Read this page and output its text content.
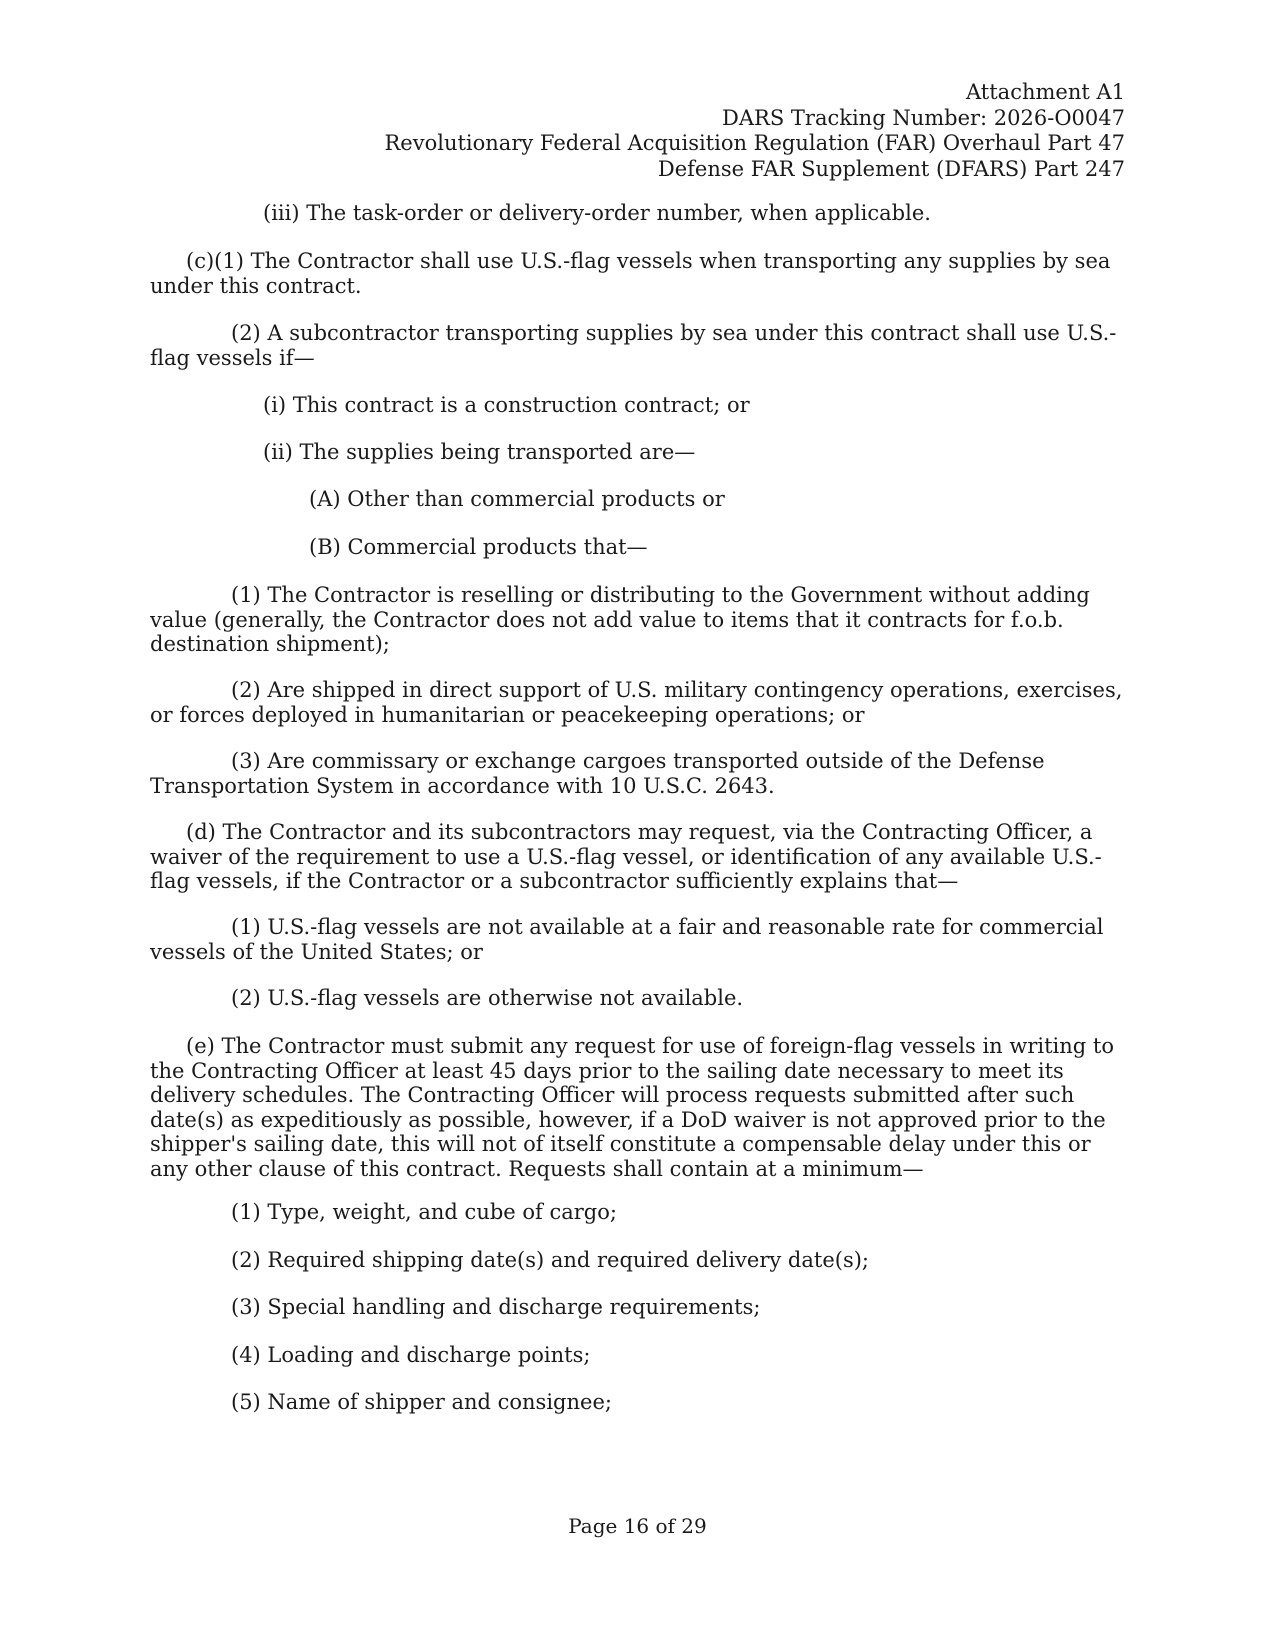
Attachment A1
DARS Tracking Number: 2026-O0047
Revolutionary Federal Acquisition Regulation (FAR) Overhaul Part 47
Defense FAR Supplement (DFARS) Part 247

(iii) The task-order or delivery-order number, when applicable.

(c)(1) The Contractor shall use U.S.-flag vessels when transporting any supplies by sea under this contract.

(2) A subcontractor transporting supplies by sea under this contract shall use U.S.-flag vessels if—

(i) This contract is a construction contract; or

(ii) The supplies being transported are—

(A) Other than commercial products or

(B) Commercial products that—

(1) The Contractor is reselling or distributing to the Government without adding value (generally, the Contractor does not add value to items that it contracts for f.o.b. destination shipment);

(2) Are shipped in direct support of U.S. military contingency operations, exercises, or forces deployed in humanitarian or peacekeeping operations; or

(3) Are commissary or exchange cargoes transported outside of the Defense Transportation System in accordance with 10 U.S.C. 2643.

(d) The Contractor and its subcontractors may request, via the Contracting Officer, a waiver of the requirement to use a U.S.-flag vessel, or identification of any available U.S.-flag vessels, if the Contractor or a subcontractor sufficiently explains that—

(1) U.S.-flag vessels are not available at a fair and reasonable rate for commercial vessels of the United States; or

(2) U.S.-flag vessels are otherwise not available.

(e) The Contractor must submit any request for use of foreign-flag vessels in writing to the Contracting Officer at least 45 days prior to the sailing date necessary to meet its delivery schedules. The Contracting Officer will process requests submitted after such date(s) as expeditiously as possible, however, if a DoD waiver is not approved prior to the shipper's sailing date, this will not of itself constitute a compensable delay under this or any other clause of this contract. Requests shall contain at a minimum—

(1) Type, weight, and cube of cargo;

(2) Required shipping date(s) and required delivery date(s);

(3) Special handling and discharge requirements;

(4) Loading and discharge points;

(5) Name of shipper and consignee;

Page 16 of 29
